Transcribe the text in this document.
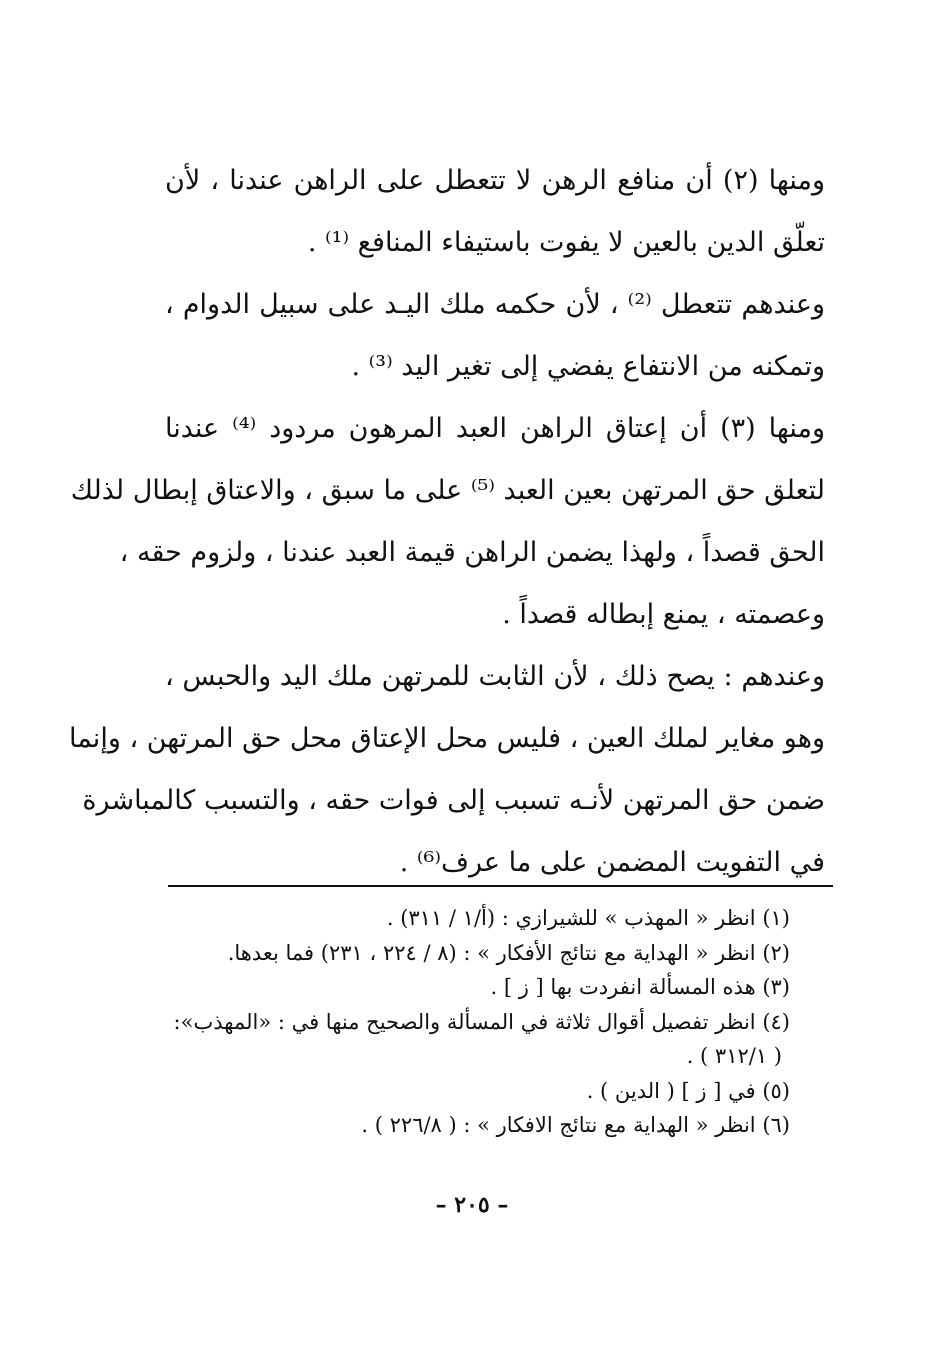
ومنها (٢) أن منافع الرهن لا تتعطل على الراهن عندنا ، لأن
تعلّق الدين بالعين لا يفوت باستيفاء المنافع ⁽¹⁾ .

وعندهم تتعطل ⁽²⁾ ، لأن حكمه ملك اليـد على سبيل الدوام ،
وتمكنه من الانتفاع يفضي إلى تغير اليد ⁽³⁾ .

ومنها (٣) أن إعتاق الراهن العبد المرهون مردود ⁽⁴⁾ عندنا
لتعلق حق المرتهن بعين العبد ⁽⁵⁾ على ما سبق ، والاعتاق إبطال لذلك
الحق قصداً ، ولهذا يضمن الراهن قيمة العبد عندنا ، ولزوم حقه ،
وعصمته ، يمنع إبطاله قصداً .

وعندهم : يصح ذلك ، لأن الثابت للمرتهن ملك اليد والحبس ،
وهو مغاير لملك العين ، فليس محل الإعتاق محل حق المرتهن ، وإنما
ضمن حق المرتهن لأنـه تسبب إلى فوات حقه ، والتسبب كالمباشرة
في التفويت المضمن على ما عرف⁽⁶⁾ .

(١) انظر « المهذب » للشيرازي : (أ/١ / ٣١١) .
(٢) انظر « الهداية مع نتائج الأفكار » : (٨ / ٢٢٤ ، ٢٣١) فما بعدها.
(٣) هذه المسألة انفردت بها [ ز ] .
(٤) انظر تفصيل أقوال ثلاثة في المسألة والصحيح منها في : «المهذب»:
( ٣١٢/١ ) .
(٥) في [ ز ] ( الدين ) .
(٦) انظر « الهداية مع نتائج الافكار » : ( ٢٢٦/٨ ) .
– ٢٠٥ –
